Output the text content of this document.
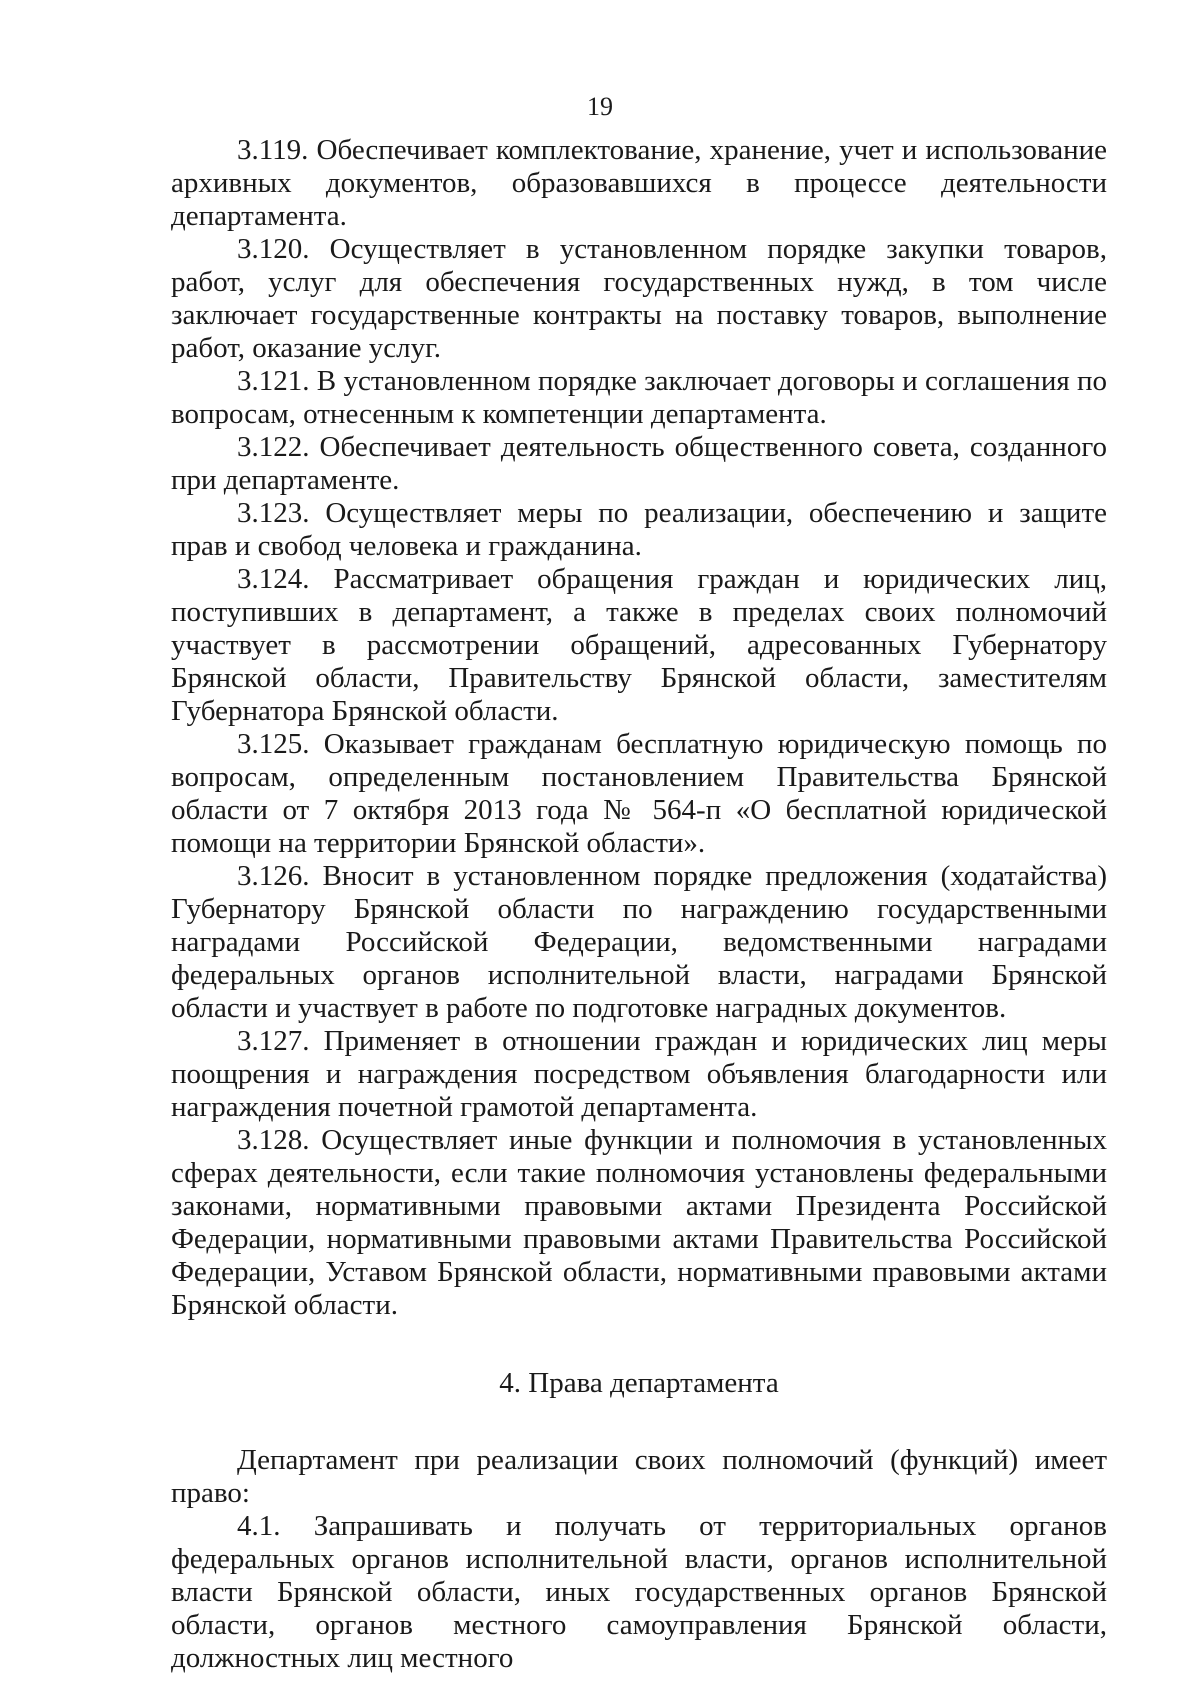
19

3.119. Обеспечивает комплектование, хранение, учет и использование архивных документов, образовавшихся в процессе деятельности департамента.

3.120. Осуществляет в установленном порядке закупки товаров, работ, услуг для обеспечения государственных нужд, в том числе заключает государственные контракты на поставку товаров, выполнение работ, оказание услуг.

3.121. В установленном порядке заключает договоры и соглашения по вопросам, отнесенным к компетенции департамента.

3.122. Обеспечивает деятельность общественного совета, созданного при департаменте.

3.123. Осуществляет меры по реализации, обеспечению и защите прав и свобод человека и гражданина.

3.124. Рассматривает обращения граждан и юридических лиц, поступивших в департамент, а также в пределах своих полномочий участвует в рассмотрении обращений, адресованных Губернатору Брянской области, Правительству Брянской области, заместителям Губернатора Брянской области.

3.125. Оказывает гражданам бесплатную юридическую помощь по вопросам, определенным постановлением Правительства Брянской области от 7 октября 2013 года № 564-п «О бесплатной юридической помощи на территории Брянской области».

3.126. Вносит в установленном порядке предложения (ходатайства) Губернатору Брянской области по награждению государственными наградами Российской Федерации, ведомственными наградами федеральных органов исполнительной власти, наградами Брянской области и участвует в работе по подготовке наградных документов.

3.127. Применяет в отношении граждан и юридических лиц меры поощрения и награждения посредством объявления благодарности или награждения почетной грамотой департамента.

3.128. Осуществляет иные функции и полномочия в установленных сферах деятельности, если такие полномочия установлены федеральными законами, нормативными правовыми актами Президента Российской Федерации, нормативными правовыми актами Правительства Российской Федерации, Уставом Брянской области, нормативными правовыми актами Брянской области.

4. Права департамента

Департамент при реализации своих полномочий (функций) имеет право:

4.1. Запрашивать и получать от территориальных органов федеральных органов исполнительной власти, органов исполнительной власти Брянской области, иных государственных органов Брянской области, органов местного самоуправления Брянской области, должностных лиц местного
